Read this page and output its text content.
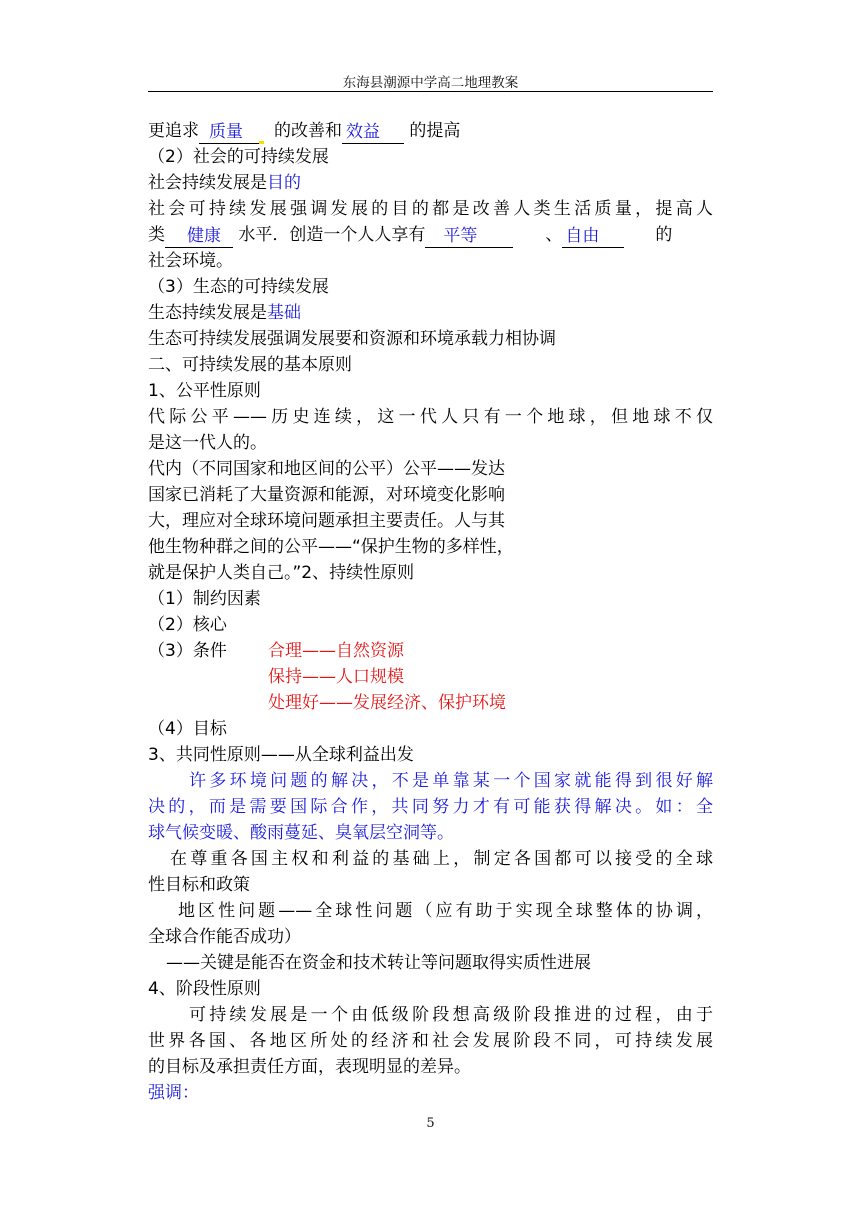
东海县潮源中学高二地理教案
更追求 质量 的改善和 效益 的提高
（2）社会的可持续发展
社会持续发展是目的
社会可持续发展强调发展的目的都是改善人类生活质量，提高人
类 健康 水平．创造一个人人享有 平等	、 自由	的
社会环境。
（3）生态的可持续发展
生态持续发展是基础
生态可持续发展强调发展要和资源和环境承载力相协调
二、可持续发展的基本原则
1、公平性原则
代际公平——历史连续，这一代人只有一个地球，但地球不仅
是这一代人的。
代内（不同国家和地区间的公平）公平——发达
国家已消耗了大量资源和能源，对环境变化影响
大，理应对全球环境问题承担主要责任。人与其
他生物种群之间的公平——“保护生物的多样性，
就是保护人类自己。”2、持续性原则
（1）制约因素
（2）核心
（3）条件 合理——自然资源
保持——人口规模
处理好——发展经济、保护环境
（4）目标
3、共同性原则——从全球利益出发
许多环境问题的解决，不是单靠某一个国家就能得到很好解
决的，而是需要国际合作，共同努力才有可能获得解决。如：全
球气候变暖、酸雨蔓延、臭氧层空洞等。
在尊重各国主权和利益的基础上，制定各国都可以接受的全球
性目标和政策
地区性问题——全球性问题（应有助于实现全球整体的协调，
全球合作能否成功）
——关键是能否在资金和技术转让等问题取得实质性进展
4、阶段性原则
可持续发展是一个由低级阶段想高级阶段推进的过程，由于
世界各国、各地区所处的经济和社会发展阶段不同，可持续发展
的目标及承担责任方面，表现明显的差异。
强调：
5
